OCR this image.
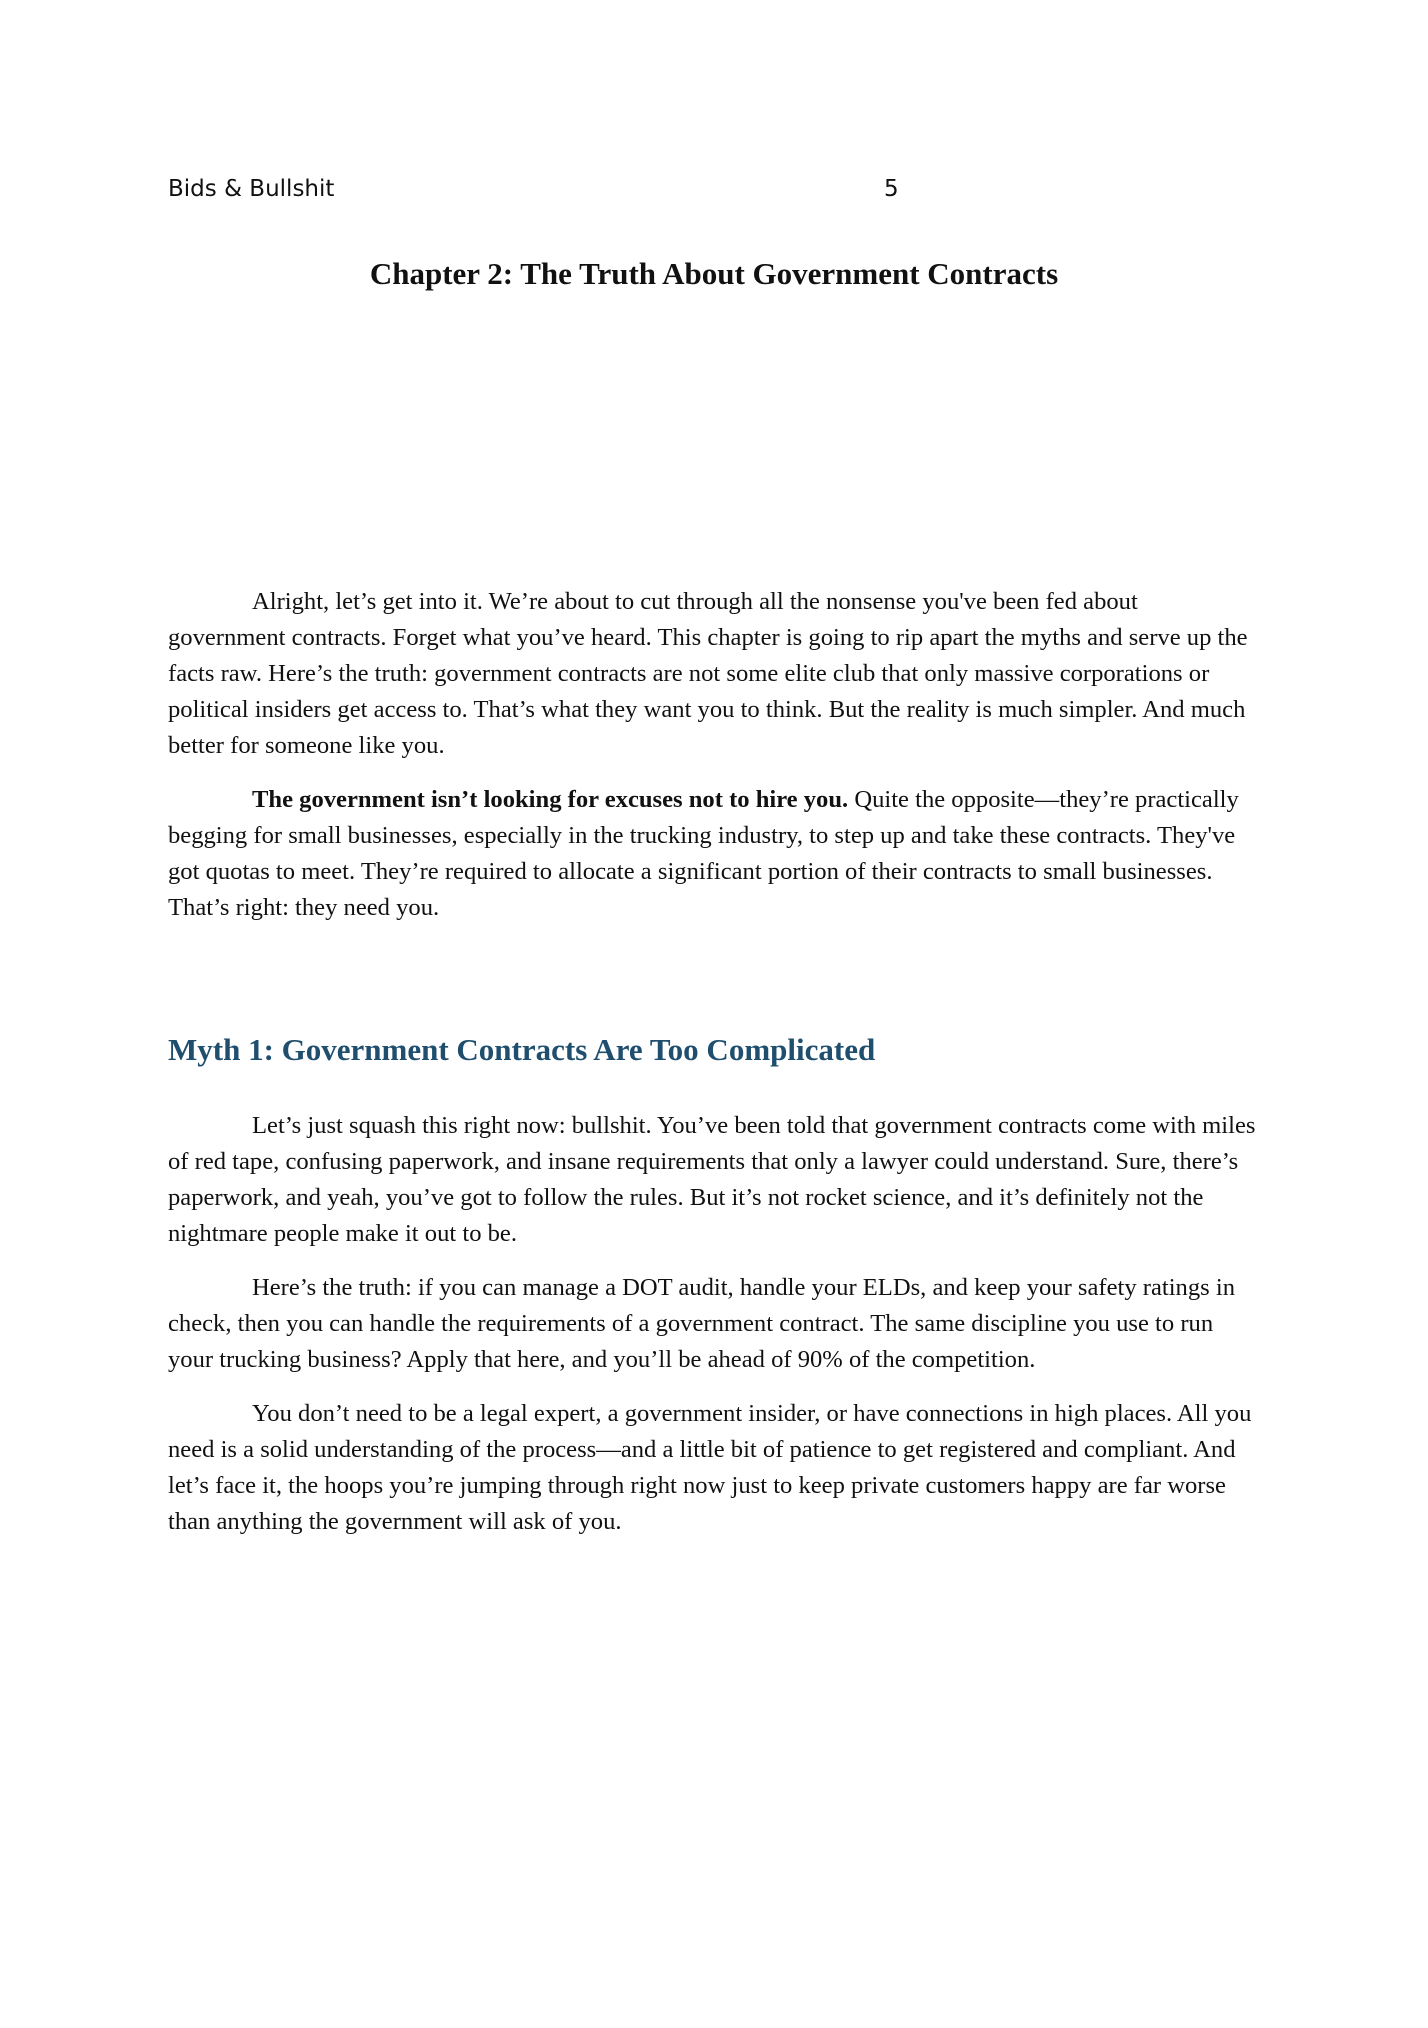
Bids & Bullshit	5
Chapter 2: The Truth About Government Contracts

Alright, let’s get into it. We’re about to cut through all the nonsense you've been fed about government contracts. Forget what you’ve heard. This chapter is going to rip apart the myths and serve up the facts raw. Here’s the truth: government contracts are not some elite club that only massive corporations or political insiders get access to. That’s what they want you to think. But the reality is much simpler. And much better for someone like you.

The government isn’t looking for excuses not to hire you. Quite the opposite—they’re practically begging for small businesses, especially in the trucking industry, to step up and take these contracts. They've got quotas to meet. They’re required to allocate a significant portion of their contracts to small businesses. That’s right: they need you.

Myth 1: Government Contracts Are Too Complicated

Let’s just squash this right now: bullshit. You’ve been told that government contracts come with miles of red tape, confusing paperwork, and insane requirements that only a lawyer could understand. Sure, there’s paperwork, and yeah, you’ve got to follow the rules. But it’s not rocket science, and it’s definitely not the nightmare people make it out to be.

Here’s the truth: if you can manage a DOT audit, handle your ELDs, and keep your safety ratings in check, then you can handle the requirements of a government contract. The same discipline you use to run your trucking business? Apply that here, and you’ll be ahead of 90% of the competition.

You don’t need to be a legal expert, a government insider, or have connections in high places. All you need is a solid understanding of the process—and a little bit of patience to get registered and compliant. And let’s face it, the hoops you’re jumping through right now just to keep private customers happy are far worse than anything the government will ask of you.
